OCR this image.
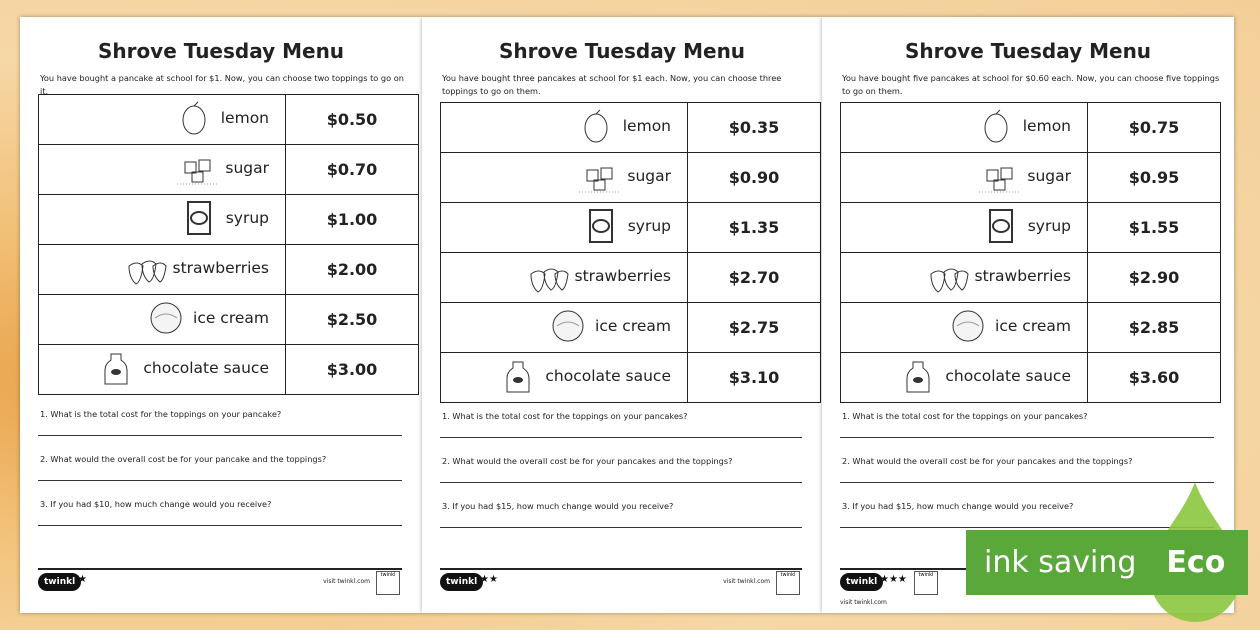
Shrove Tuesday Menu
You have bought a pancake at school for $1. Now, you can choose two toppings to go on it.
lemon	$0.50

sugar	$0.70

syrup	$1.00

strawberries	$2.00

ice cream	$2.50

chocolate sauce	$3.00
1. What is the total cost for the toppings on your pancake?
2. What would the overall cost be for your pancake and the toppings?
3. If you had $10, how much change would you receive?
twinkl ★	visit twinkl.com
twinkl
Shrove Tuesday Menu
You have bought three pancakes at school for $1 each. Now, you can choose three toppings to go on them.
lemon	$0.35

sugar	$0.90

syrup	$1.35

strawberries	$2.70

ice cream	$2.75

chocolate sauce	$3.10
1. What is the total cost for the toppings on your pancakes?
2. What would the overall cost be for your pancakes and the toppings?
3. If you had $15, how much change would you receive?
twinkl ★★	visit twinkl.com
twinkl
Shrove Tuesday Menu
You have bought five pancakes at school for $0.60 each. Now, you can choose five toppings to go on them.
lemon	$0.75

sugar	$0.95

syrup	$1.55

strawberries	$2.90

ice cream	$2.85

chocolate sauce	$3.60
1. What is the total cost for the toppings on your pancakes?
2. What would the overall cost be for your pancakes and the toppings?
3. If you had $15, how much change would you receive?
twinkl ★★★
visit twinkl.com
twinkl	ink saving Eco
